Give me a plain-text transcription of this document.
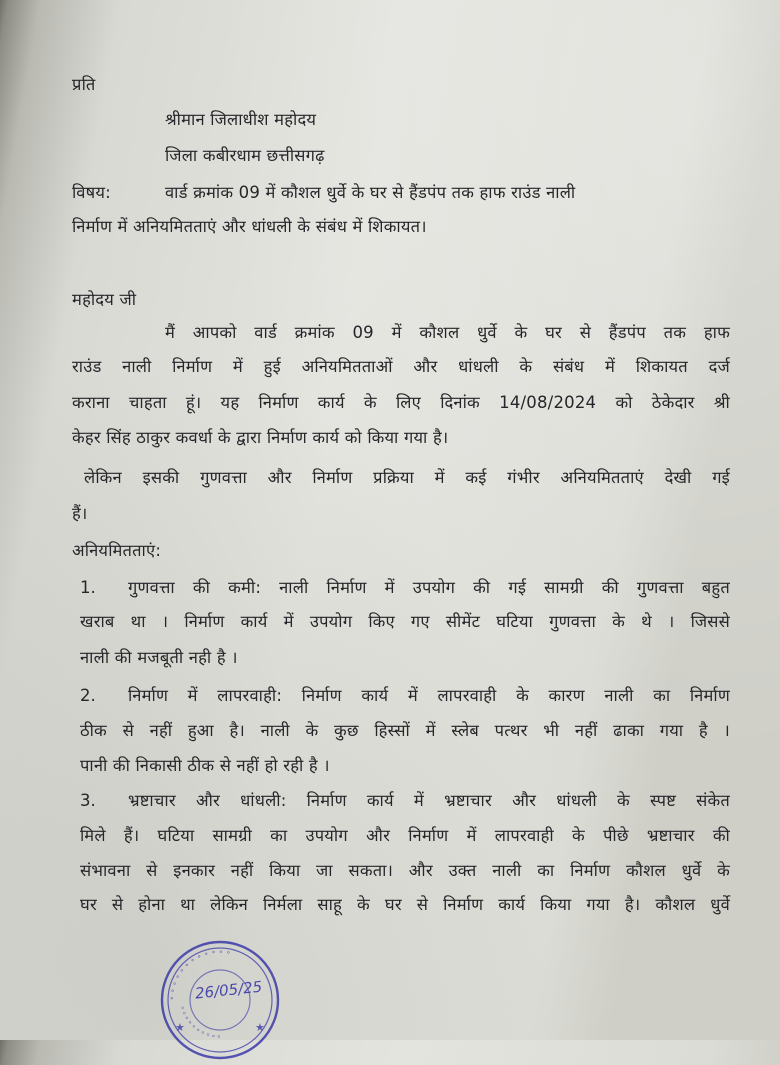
प्रति

श्रीमान जिलाधीश महोदय

जिला कबीरधाम छत्तीसगढ़

विषय:	वार्ड क्रमांक 09 में कौशल धुर्वे के घर से हैंडपंप तक हाफ राउंड नाली

निर्माण में अनियमितताएं और धांधली के संबंध में शिकायत।

महोदय जी

मैं आपको वार्ड क्रमांक 09 में कौशल धुर्वे के घर से हैंडपंप तक हाफ

राउंड नाली निर्माण में हुई अनियमितताओं और धांधली के संबंध में शिकायत दर्ज

कराना चाहता हूं। यह निर्माण कार्य के लिए दिनांक 14/08/2024 को ठेकेदार श्री

केहर सिंह ठाकुर कवर्धा के द्वारा निर्माण कार्य को किया गया है।

लेकिन इसकी गुणवत्ता और निर्माण प्रक्रिया में कई गंभीर अनियमितताएं देखी गई

हैं।

अनियमितताएं:

1. गुणवत्ता की कमी: नाली निर्माण में उपयोग की गई सामग्री की गुणवत्ता बहुत

खराब था । निर्माण कार्य में उपयोग किए गए सीमेंट घटिया गुणवत्ता के थे । जिससे

नाली की मजबूती नही है ।

2. निर्माण में लापरवाही: निर्माण कार्य में लापरवाही के कारण नाली का निर्माण

ठीक से नहीं हुआ है। नाली के कुछ हिस्सों में स्लेब पत्थर भी नहीं ढाका गया है ।

पानी की निकासी ठीक से नहीं हो रही है ।

3. भ्रष्टाचार और धांधली: निर्माण कार्य में भ्रष्टाचार और धांधली के स्पष्ट संकेत

मिले हैं। घटिया सामग्री का उपयोग और निर्माण में लापरवाही के पीछे भ्रष्टाचार की

संभावना से इनकार नहीं किया जा सकता। और उक्त नाली का निर्माण कौशल धुर्वे के

घर से होना था लेकिन निर्मला साहू के घर से निर्माण कार्य किया गया है। कौशल धुर्वे

॰ ॰ ॰ ॰ ॰ ॰ ॰ ॰ ॰ ॰ ॰ ॰
॰ ॰ ॰ ॰ ॰ ॰ ॰ ॰ ॰ ॰
★	★
26/05/25
